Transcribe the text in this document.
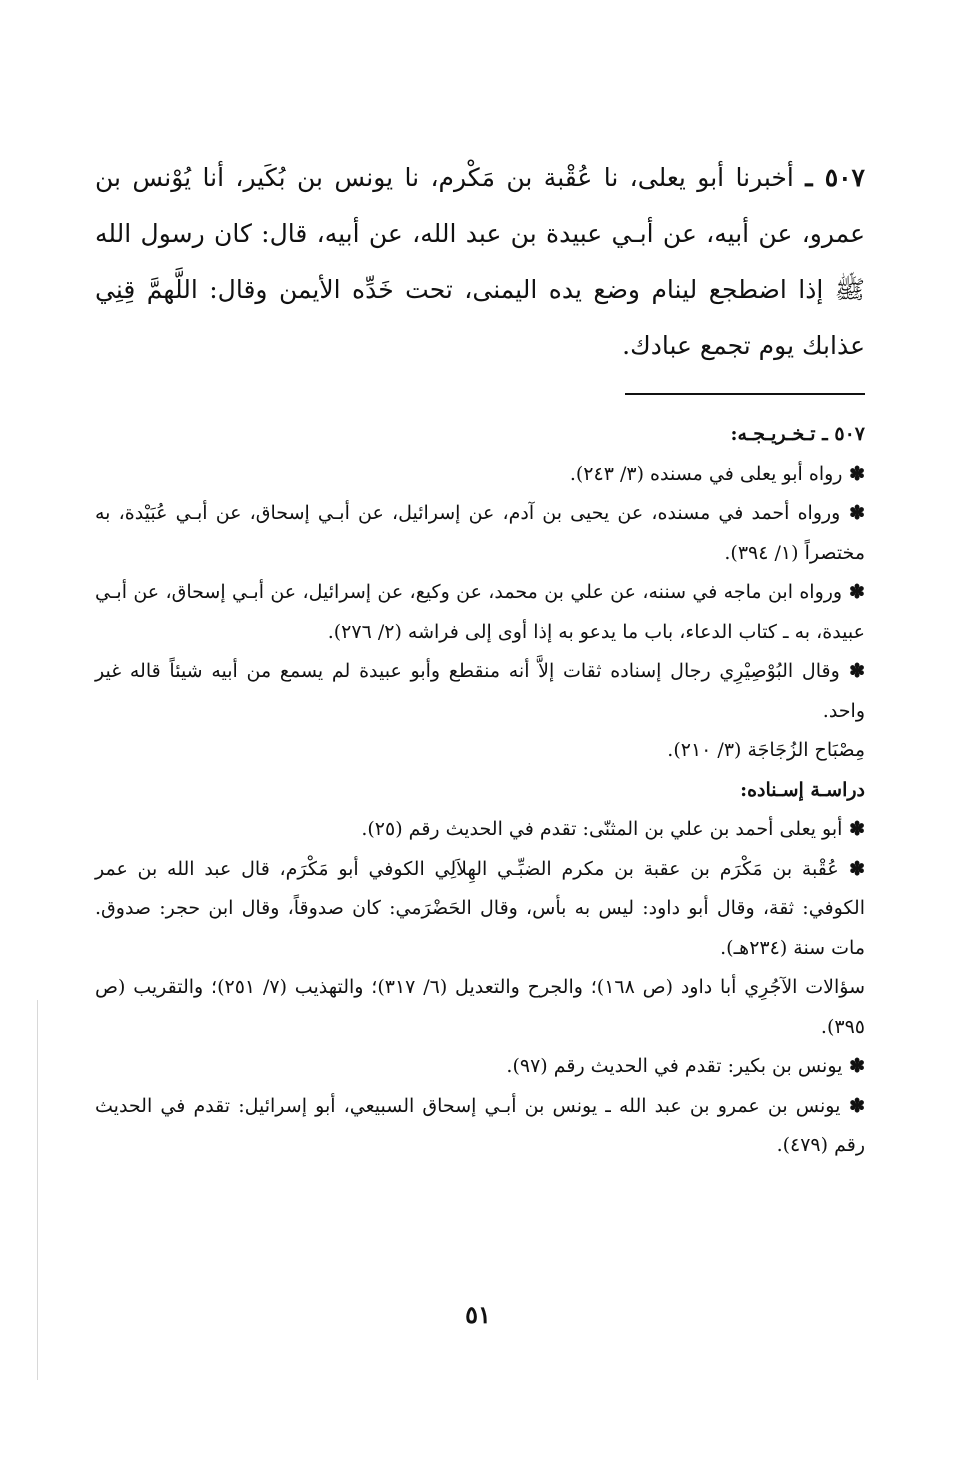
٥٠٧ ـ أخبرنا أبو يعلى، نا عُقْبة بن مَكْرم، نا يونس بن بُكَير، أنا يُوْنس بن عمرو، عن أبيه، عن أبـي عبيدة بن عبد الله، عن أبيه، قال: كان رسول الله ﷺ إذا اضطجع لينام وضع يده اليمنى، تحت خَدِّه الأيمن وقال: اللَّهمَّ قِنِي عذابك يوم تجمع عبادك.

٥٠٧ ـ تـخـريـجـه:

✽ رواه أبو يعلى في مسنده (٣/ ٢٤٣).

✽ ورواه أحمد في مسنده، عن يحيى بن آدم، عن إسرائيل، عن أبـي إسحاق، عن أبـي عُبَيْدة، به مختصراً (١/ ٣٩٤).

✽ ورواه ابن ماجه في سننه، عن علي بن محمد، عن وكيع، عن إسرائيل، عن أبـي إسحاق، عن أبـي عبيدة، به ـ كتاب الدعاء، باب ما يدعو به إذا أوى إلى فراشه (٢/ ٢٧٦).

✽ وقال البُوْصِيْرِي رجال إسناده ثقات إلاَّ أنه منقطع وأبو عبيدة لم يسمع من أبيه شيئاً قاله غير واحد.

مِصْبَاح الزُجَاجَة (٣/ ٢١٠).

دراسـة إسـناده:

✽ أبو يعلى أحمد بن علي بن المثنّى: تقدم في الحديث رقم (٢٥).

✽ عُقْبة بن مَكْرَم بن عقبة بن مكرم الضبِّـي الهِلاَلِي الكوفي أبو مَكْرَم، قال عبد الله بن عمر الكوفي: ثقة، وقال أبو داود: ليس به بأس، وقال الحَضْرَمي: كان صدوقاً، وقال ابن حجر: صدوق. مات سنة (٢٣٤هـ).

سؤالات الآجُرِي أبا داود (ص ١٦٨)؛ والجرح والتعديل (٦/ ٣١٧)؛ والتهذيب (٧/ ٢٥١)؛ والتقريب (ص ٣٩٥).

✽ يونس بن بكير: تقدم في الحديث رقم (٩٧).

✽ يونس بن عمرو بن عبد الله ـ يونس بن أبـي إسحاق السبيعي، أبو إسرائيل: تقدم في الحديث رقم (٤٧٩).

٥١
